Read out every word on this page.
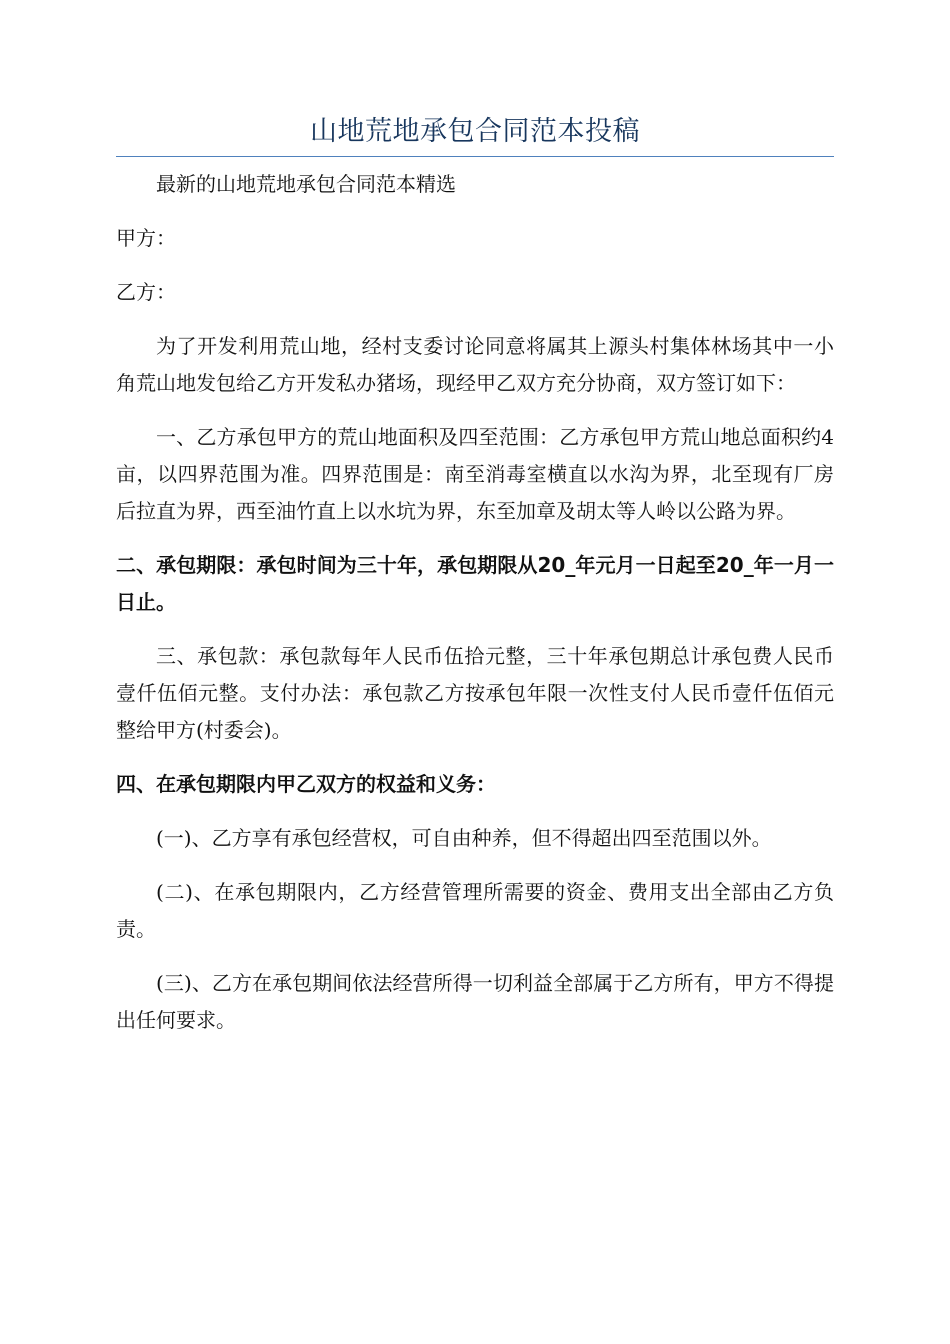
山地荒地承包合同范本投稿

最新的山地荒地承包合同范本精选

甲方：

乙方：

为了开发利用荒山地，经村支委讨论同意将属其上源头村集体林场其中一小角荒山地发包给乙方开发私办猪场，现经甲乙双方充分协商，双方签订如下：

一、乙方承包甲方的荒山地面积及四至范围：乙方承包甲方荒山地总面积约4亩，以四界范围为准。四界范围是：南至消毒室横直以水沟为界，北至现有厂房后拉直为界，西至油竹直上以水坑为界，东至加章及胡太等人岭以公路为界。

二、承包期限：承包时间为三十年，承包期限从20_年元月一日起至20_年一月一日止。

三、承包款：承包款每年人民币伍拾元整，三十年承包期总计承包费人民币壹仟伍佰元整。支付办法：承包款乙方按承包年限一次性支付人民币壹仟伍佰元整给甲方(村委会)。

四、在承包期限内甲乙双方的权益和义务：

(一)、乙方享有承包经营权，可自由种养，但不得超出四至范围以外。

(二)、在承包期限内，乙方经营管理所需要的资金、费用支出全部由乙方负责。

(三)、乙方在承包期间依法经营所得一切利益全部属于乙方所有，甲方不得提出任何要求。
